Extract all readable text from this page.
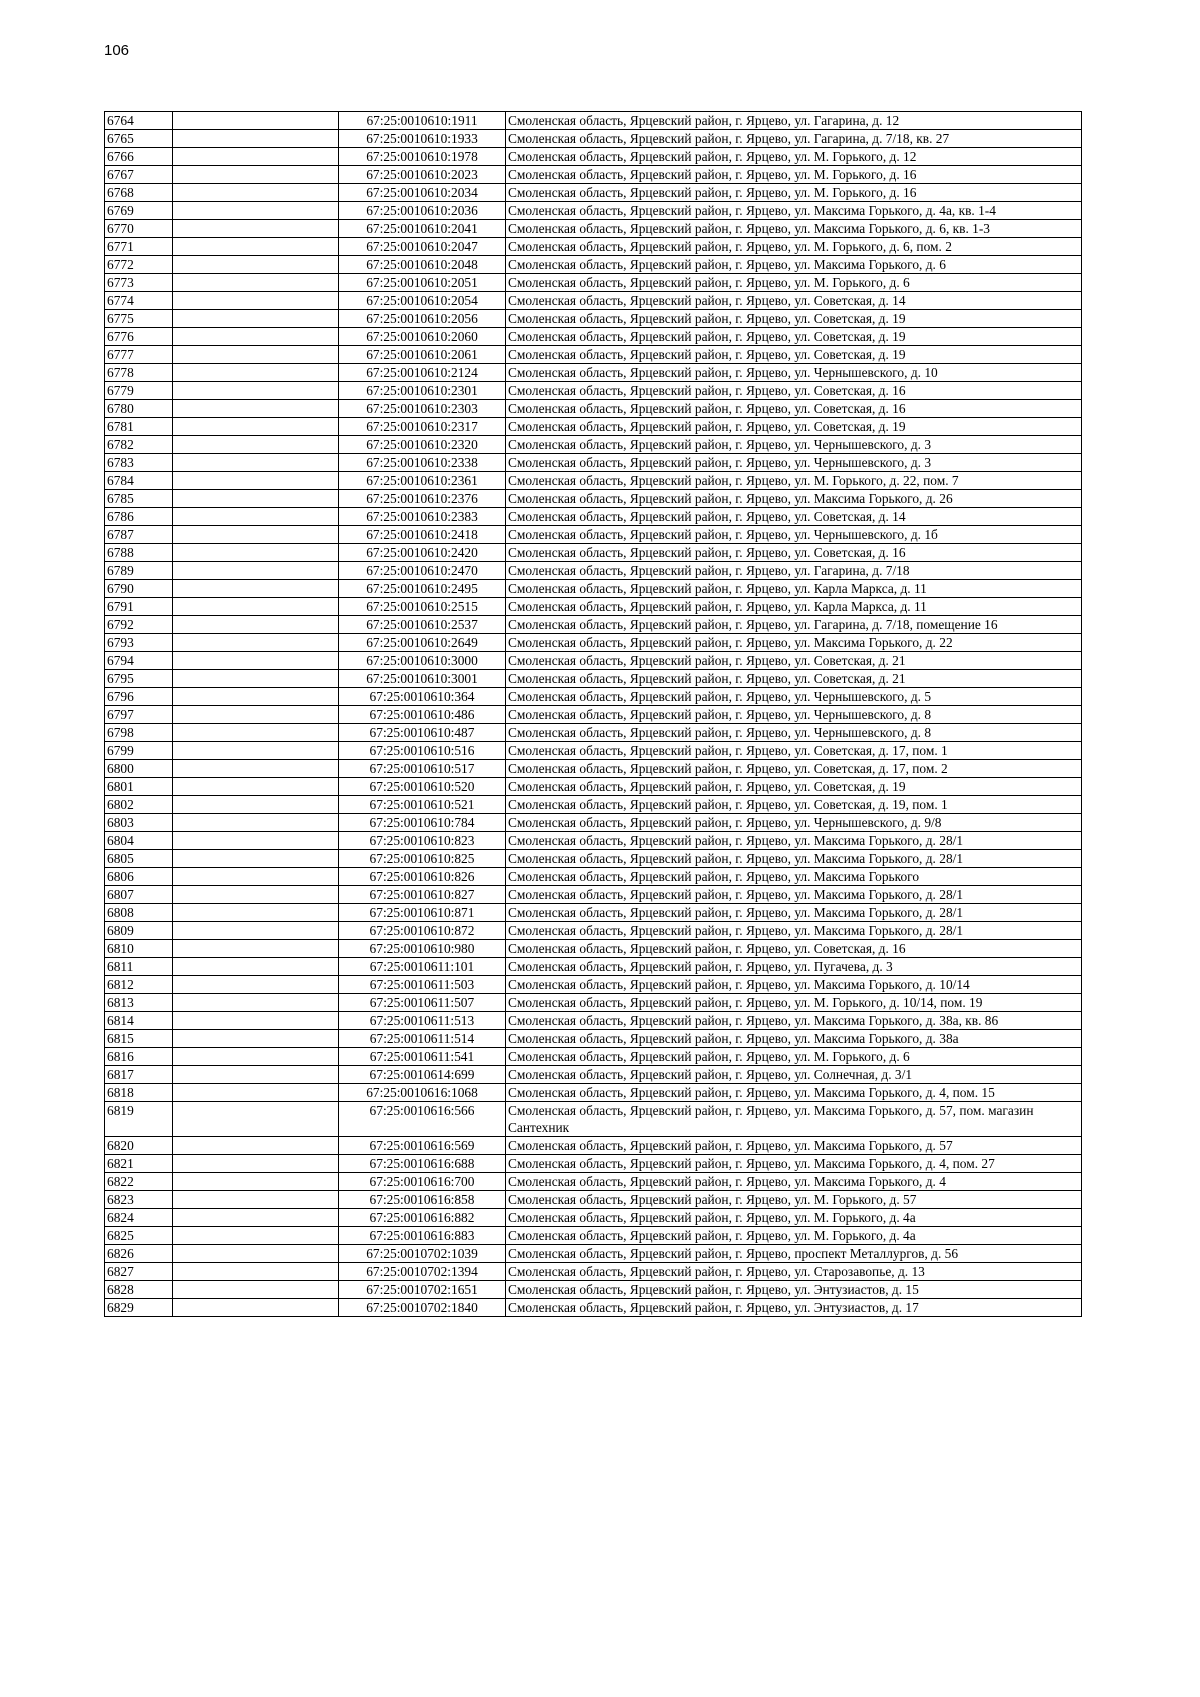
106
6764		67:25:0010610:1911	Смоленская область, Ярцевский район, г. Ярцево, ул. Гагарина, д. 12
6765		67:25:0010610:1933	Смоленская область, Ярцевский район, г. Ярцево, ул. Гагарина, д. 7/18, кв. 27
6766		67:25:0010610:1978	Смоленская область, Ярцевский район, г. Ярцево, ул. М. Горького, д. 12
6767		67:25:0010610:2023	Смоленская область, Ярцевский район, г. Ярцево, ул. М. Горького, д. 16
6768		67:25:0010610:2034	Смоленская область, Ярцевский район, г. Ярцево, ул. М. Горького, д. 16
6769		67:25:0010610:2036	Смоленская область, Ярцевский район, г. Ярцево, ул. Максима Горького, д. 4а, кв. 1-4
6770		67:25:0010610:2041	Смоленская область, Ярцевский район, г. Ярцево, ул. Максима Горького, д. 6, кв. 1-3
6771		67:25:0010610:2047	Смоленская область, Ярцевский район, г. Ярцево, ул. М. Горького, д. 6, пом. 2
6772		67:25:0010610:2048	Смоленская область, Ярцевский район, г. Ярцево, ул. Максима Горького, д. 6
6773		67:25:0010610:2051	Смоленская область, Ярцевский район, г. Ярцево, ул. М. Горького, д. 6
6774		67:25:0010610:2054	Смоленская область, Ярцевский район, г. Ярцево, ул. Советская, д. 14
6775		67:25:0010610:2056	Смоленская область, Ярцевский район, г. Ярцево, ул. Советская, д. 19
6776		67:25:0010610:2060	Смоленская область, Ярцевский район, г. Ярцево, ул. Советская, д. 19
6777		67:25:0010610:2061	Смоленская область, Ярцевский район, г. Ярцево, ул. Советская, д. 19
6778		67:25:0010610:2124	Смоленская область, Ярцевский район, г. Ярцево, ул. Чернышевского, д. 10
6779		67:25:0010610:2301	Смоленская область, Ярцевский район, г. Ярцево, ул. Советская, д. 16
6780		67:25:0010610:2303	Смоленская область, Ярцевский район, г. Ярцево, ул. Советская, д. 16
6781		67:25:0010610:2317	Смоленская область, Ярцевский район, г. Ярцево, ул. Советская, д. 19
6782		67:25:0010610:2320	Смоленская область, Ярцевский район, г. Ярцево, ул. Чернышевского, д. 3
6783		67:25:0010610:2338	Смоленская область, Ярцевский район, г. Ярцево, ул. Чернышевского, д. 3
6784		67:25:0010610:2361	Смоленская область, Ярцевский район, г. Ярцево, ул. М. Горького, д. 22, пом. 7
6785		67:25:0010610:2376	Смоленская область, Ярцевский район, г. Ярцево, ул. Максима Горького, д. 26
6786		67:25:0010610:2383	Смоленская область, Ярцевский район, г. Ярцево, ул. Советская, д. 14
6787		67:25:0010610:2418	Смоленская область, Ярцевский район, г. Ярцево, ул. Чернышевского, д. 1б
6788		67:25:0010610:2420	Смоленская область, Ярцевский район, г. Ярцево, ул. Советская, д. 16
6789		67:25:0010610:2470	Смоленская область, Ярцевский район, г. Ярцево, ул. Гагарина, д. 7/18
6790		67:25:0010610:2495	Смоленская область, Ярцевский район, г. Ярцево, ул. Карла Маркса, д. 11
6791		67:25:0010610:2515	Смоленская область, Ярцевский район, г. Ярцево, ул. Карла Маркса, д. 11
6792		67:25:0010610:2537	Смоленская область, Ярцевский район, г. Ярцево, ул. Гагарина, д. 7/18, помещение 16
6793		67:25:0010610:2649	Смоленская область, Ярцевский район, г. Ярцево, ул. Максима Горького, д. 22
6794		67:25:0010610:3000	Смоленская область, Ярцевский район, г. Ярцево, ул. Советская, д. 21
6795		67:25:0010610:3001	Смоленская область, Ярцевский район, г. Ярцево, ул. Советская, д. 21
6796		67:25:0010610:364	Смоленская область, Ярцевский район, г. Ярцево, ул. Чернышевского, д. 5
6797		67:25:0010610:486	Смоленская область, Ярцевский район, г. Ярцево, ул. Чернышевского, д. 8
6798		67:25:0010610:487	Смоленская область, Ярцевский район, г. Ярцево, ул. Чернышевского, д. 8
6799		67:25:0010610:516	Смоленская область, Ярцевский район, г. Ярцево, ул. Советская, д. 17, пом. 1
6800		67:25:0010610:517	Смоленская область, Ярцевский район, г. Ярцево, ул. Советская, д. 17, пом. 2
6801		67:25:0010610:520	Смоленская область, Ярцевский район, г. Ярцево, ул. Советская, д. 19
6802		67:25:0010610:521	Смоленская область, Ярцевский район, г. Ярцево, ул. Советская, д. 19, пом. 1
6803		67:25:0010610:784	Смоленская область, Ярцевский район, г. Ярцево, ул. Чернышевского, д. 9/8
6804		67:25:0010610:823	Смоленская область, Ярцевский район, г. Ярцево, ул. Максима Горького, д. 28/1
6805		67:25:0010610:825	Смоленская область, Ярцевский район, г. Ярцево, ул. Максима Горького, д. 28/1
6806		67:25:0010610:826	Смоленская область, Ярцевский район, г. Ярцево, ул. Максима Горького
6807		67:25:0010610:827	Смоленская область, Ярцевский район, г. Ярцево, ул. Максима Горького, д. 28/1
6808		67:25:0010610:871	Смоленская область, Ярцевский район, г. Ярцево, ул. Максима Горького, д. 28/1
6809		67:25:0010610:872	Смоленская область, Ярцевский район, г. Ярцево, ул. Максима Горького, д. 28/1
6810		67:25:0010610:980	Смоленская область, Ярцевский район, г. Ярцево, ул. Советская, д. 16
6811		67:25:0010611:101	Смоленская область, Ярцевский район, г. Ярцево, ул. Пугачева, д. 3
6812		67:25:0010611:503	Смоленская область, Ярцевский район, г. Ярцево, ул. Максима Горького, д. 10/14
6813		67:25:0010611:507	Смоленская область, Ярцевский район, г. Ярцево, ул. М. Горького, д. 10/14, пом. 19
6814		67:25:0010611:513	Смоленская область, Ярцевский район, г. Ярцево, ул. Максима Горького, д. 38а, кв. 86
6815		67:25:0010611:514	Смоленская область, Ярцевский район, г. Ярцево, ул. Максима Горького, д. 38а
6816		67:25:0010611:541	Смоленская область, Ярцевский район, г. Ярцево, ул. М. Горького, д. 6
6817		67:25:0010614:699	Смоленская область, Ярцевский район, г. Ярцево, ул. Солнечная, д. 3/1
6818		67:25:0010616:1068	Смоленская область, Ярцевский район, г. Ярцево, ул. Максима Горького, д. 4, пом. 15
6819		67:25:0010616:566	Смоленская область, Ярцевский район, г. Ярцево, ул. Максима Горького, д. 57, пом. магазин Сантехник
6820		67:25:0010616:569	Смоленская область, Ярцевский район, г. Ярцево, ул. Максима Горького, д. 57
6821		67:25:0010616:688	Смоленская область, Ярцевский район, г. Ярцево, ул. Максима Горького, д. 4, пом. 27
6822		67:25:0010616:700	Смоленская область, Ярцевский район, г. Ярцево, ул. Максима Горького, д. 4
6823		67:25:0010616:858	Смоленская область, Ярцевский район, г. Ярцево, ул. М. Горького, д. 57
6824		67:25:0010616:882	Смоленская область, Ярцевский район, г. Ярцево, ул. М. Горького, д. 4а
6825		67:25:0010616:883	Смоленская область, Ярцевский район, г. Ярцево, ул. М. Горького, д. 4а
6826		67:25:0010702:1039	Смоленская область, Ярцевский район, г. Ярцево, проспект Металлургов, д. 56
6827		67:25:0010702:1394	Смоленская область, Ярцевский район, г. Ярцево, ул. Старозавопье, д. 13
6828		67:25:0010702:1651	Смоленская область, Ярцевский район, г. Ярцево, ул. Энтузиастов, д. 15
6829		67:25:0010702:1840	Смоленская область, Ярцевский район, г. Ярцево, ул. Энтузиастов, д. 17
